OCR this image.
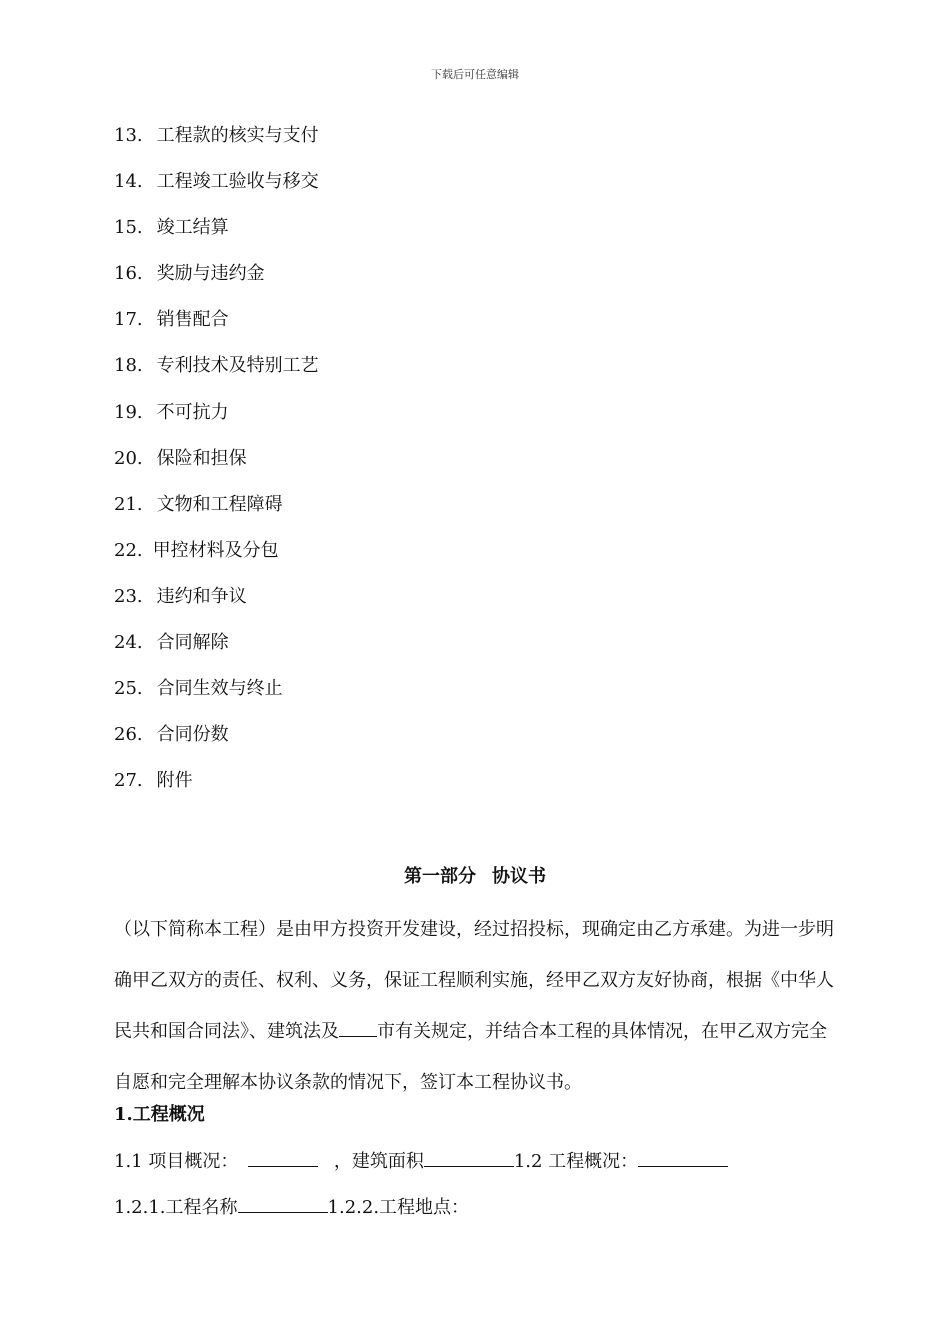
下载后可任意编辑
13. 工程款的核实与支付
14. 工程竣工验收与移交
15. 竣工结算
16. 奖励与违约金
17. 销售配合
18. 专利技术及特别工艺
19. 不可抗力
20. 保险和担保
21. 文物和工程障碍
22. 甲控材料及分包
23. 违约和争议
24. 合同解除
25. 合同生效与终止
26. 合同份数
27. 附件
第一部分 协议书

（以下简称本工程）是由甲方投资开发建设，经过招投标，现确定由乙方承建。为进一步明确甲乙双方的责任、权利、义务，保证工程顺利实施，经甲乙双方友好协商，根据《中华人民共和国合同法》、建筑法及 市有关规定，并结合本工程的具体情况，在甲乙双方完全自愿和完全理解本协议条款的情况下，签订本工程协议书。

1.工程概况
1.1 项目概况：	，建筑面积	1.2 工程概况：
1.2.1.工程名称	1.2.2.工程地点：
